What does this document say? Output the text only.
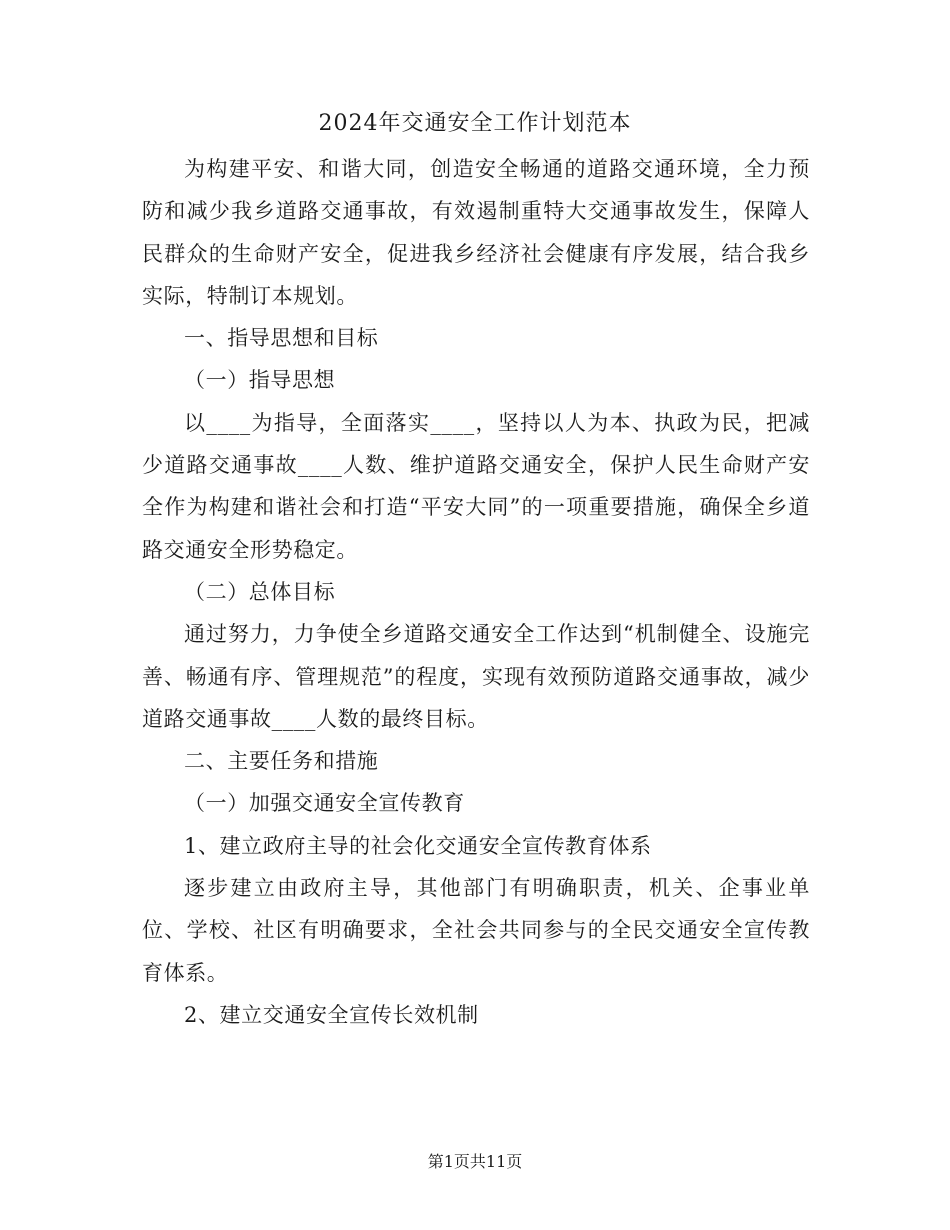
2024年交通安全工作计划范本

为构建平安、和谐大同，创造安全畅通的道路交通环境，全力预防和减少我乡道路交通事故，有效遏制重特大交通事故发生，保障人民群众的生命财产安全，促进我乡经济社会健康有序发展，结合我乡实际，特制订本规划。

一、指导思想和目标

（一）指导思想

以____为指导，全面落实____，坚持以人为本、执政为民，把减少道路交通事故____人数、维护道路交通安全，保护人民生命财产安全作为构建和谐社会和打造“平安大同”的一项重要措施，确保全乡道路交通安全形势稳定。

（二）总体目标

通过努力，力争使全乡道路交通安全工作达到“机制健全、设施完善、畅通有序、管理规范”的程度，实现有效预防道路交通事故，减少道路交通事故____人数的最终目标。

二、主要任务和措施

（一）加强交通安全宣传教育

1、建立政府主导的社会化交通安全宣传教育体系

逐步建立由政府主导，其他部门有明确职责，机关、企事业单位、学校、社区有明确要求，全社会共同参与的全民交通安全宣传教育体系。

2、建立交通安全宣传长效机制

第1页共11页
